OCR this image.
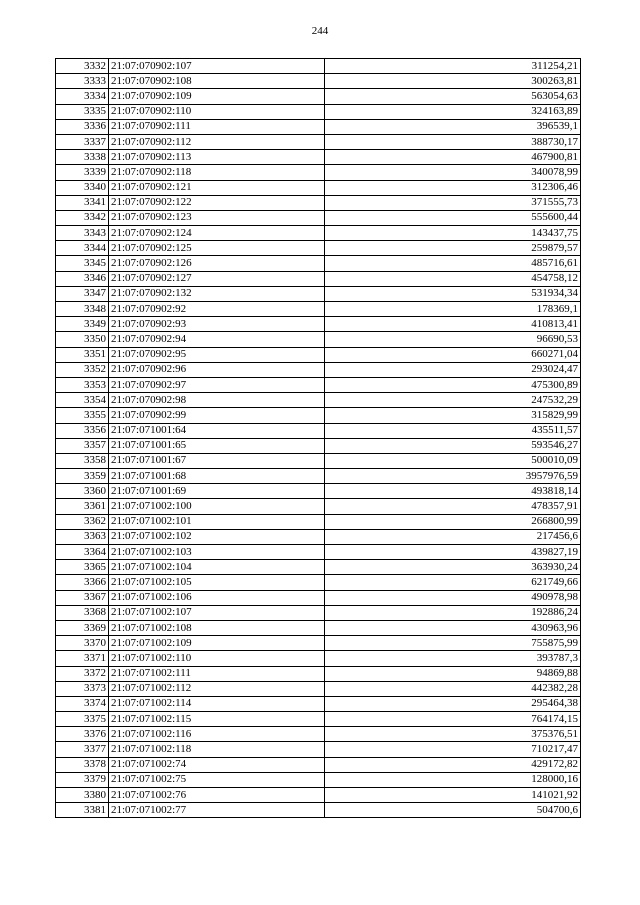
244
3332	21:07:070902:107	311254,21
3333	21:07:070902:108	300263,81
3334	21:07:070902:109	563054,63
3335	21:07:070902:110	324163,89
3336	21:07:070902:111	396539,1
3337	21:07:070902:112	388730,17
3338	21:07:070902:113	467900,81
3339	21:07:070902:118	340078,99
3340	21:07:070902:121	312306,46
3341	21:07:070902:122	371555,73
3342	21:07:070902:123	555600,44
3343	21:07:070902:124	143437,75
3344	21:07:070902:125	259879,57
3345	21:07:070902:126	485716,61
3346	21:07:070902:127	454758,12
3347	21:07:070902:132	531934,34
3348	21:07:070902:92	178369,1
3349	21:07:070902:93	410813,41
3350	21:07:070902:94	96690,53
3351	21:07:070902:95	660271,04
3352	21:07:070902:96	293024,47
3353	21:07:070902:97	475300,89
3354	21:07:070902:98	247532,29
3355	21:07:070902:99	315829,99
3356	21:07:071001:64	435511,57
3357	21:07:071001:65	593546,27
3358	21:07:071001:67	500010,09
3359	21:07:071001:68	3957976,59
3360	21:07:071001:69	493818,14
3361	21:07:071002:100	478357,91
3362	21:07:071002:101	266800,99
3363	21:07:071002:102	217456,6
3364	21:07:071002:103	439827,19
3365	21:07:071002:104	363930,24
3366	21:07:071002:105	621749,66
3367	21:07:071002:106	490978,98
3368	21:07:071002:107	192886,24
3369	21:07:071002:108	430963,96
3370	21:07:071002:109	755875,99
3371	21:07:071002:110	393787,3
3372	21:07:071002:111	94869,88
3373	21:07:071002:112	442382,28
3374	21:07:071002:114	295464,38
3375	21:07:071002:115	764174,15
3376	21:07:071002:116	375376,51
3377	21:07:071002:118	710217,47
3378	21:07:071002:74	429172,82
3379	21:07:071002:75	128000,16
3380	21:07:071002:76	141021,92
3381	21:07:071002:77	504700,6
